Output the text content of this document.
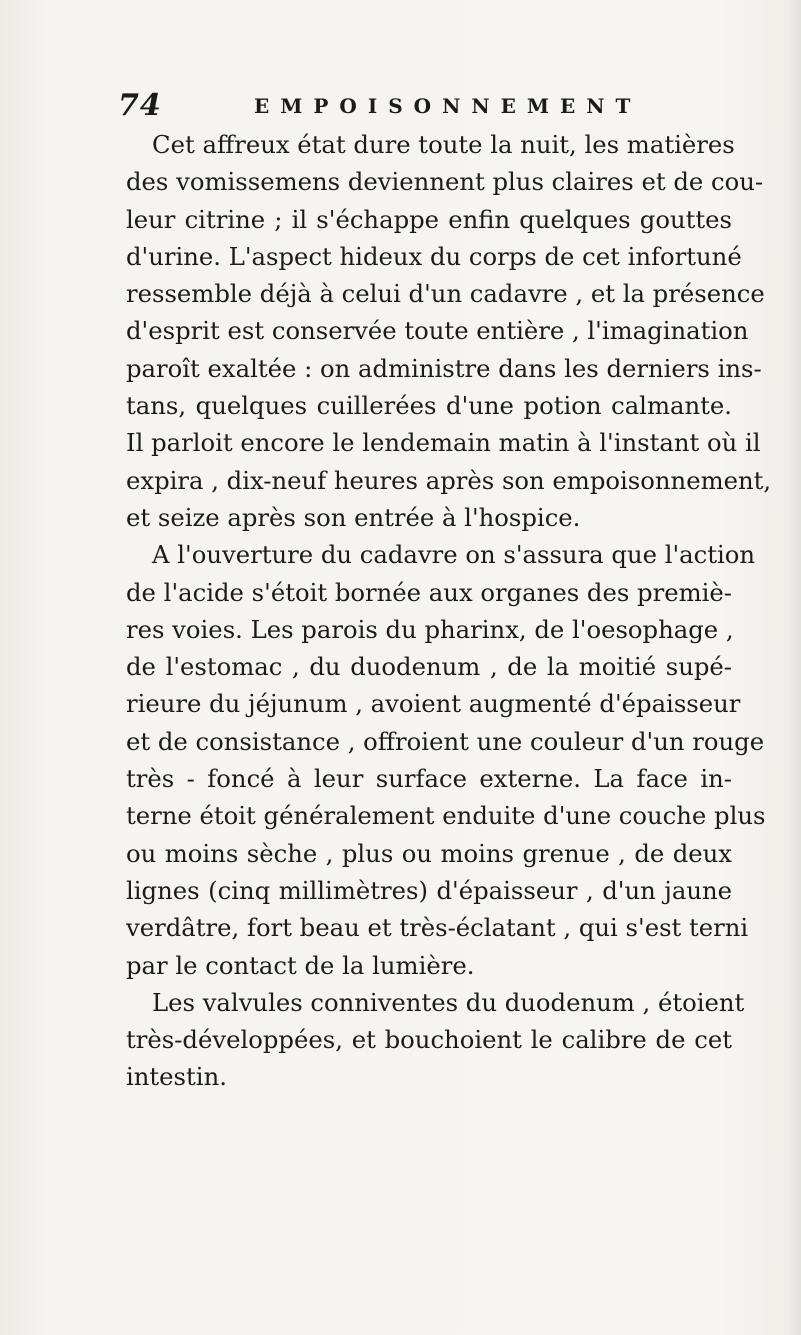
74	EMPOISONNEMENT
Cet affreux état dure toute la nuit, les matières
des vomissemens deviennent plus claires et de cou-
leur citrine ; il s'échappe enfin quelques gouttes
d'urine. L'aspect hideux du corps de cet infortuné
ressemble déjà à celui d'un cadavre , et la présence
d'esprit est conservée toute entière , l'imagination
paroît exaltée : on administre dans les derniers ins-
tans, quelques cuillerées d'une potion calmante.
Il parloit encore le lendemain matin à l'instant où il
expira , dix-neuf heures après son empoisonnement,
et seize après son entrée à l'hospice.
A l'ouverture du cadavre on s'assura que l'action
de l'acide s'étoit bornée aux organes des premiè-
res voies. Les parois du pharinx, de l'oesophage ,
de l'estomac , du duodenum , de la moitié supé-
rieure du jéjunum , avoient augmenté d'épaisseur
et de consistance , offroient une couleur d'un rouge
très - foncé à leur surface externe. La face in-
terne étoit généralement enduite d'une couche plus
ou moins sèche , plus ou moins grenue , de deux
lignes (cinq millimètres) d'épaisseur , d'un jaune
verdâtre, fort beau et très-éclatant , qui s'est terni
par le contact de la lumière.
Les valvules conniventes du duodenum , étoient
très-développées, et bouchoient le calibre de cet
intestin.
